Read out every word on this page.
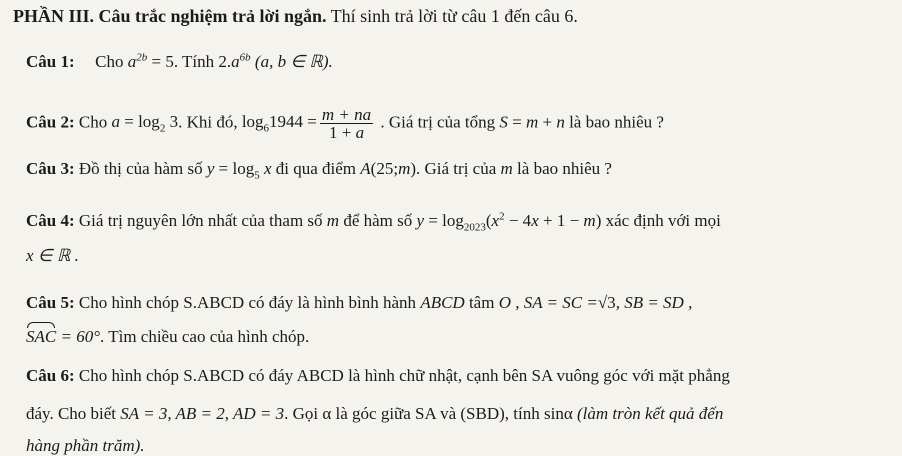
PHẦN III. Câu trắc nghiệm trả lời ngắn. Thí sinh trả lời từ câu 1 đến câu 6.
Câu 1: Cho $a^{2b} = 5$. Tính $2.a^{6b}$ (a, b ∈ ℝ).
Câu 2: Cho $a = \log_2 3$. Khi đó, $\log_61944 = \frac{m + na}{1 + a}$ . Giá trị của tổng S = m + n là bao nhiêu ?
Câu 3: Đồ thị của hàm số $y = \log_5 x$ đi qua điểm A(25;m). Giá trị của m là bao nhiêu ?
Câu 4: Giá trị nguyên lớn nhất của tham số m để hàm số $y = \log_{2023}(x^2 - 4x + 1 - m)$ xác định với mọi
x ∈ ℝ .
Câu 5: Cho hình chóp S.ABCD có đáy là hình bình hành ABCD tâm O , SA = SC =√3, SB = SD ,
SAC = 60°. Tìm chiều cao của hình chóp.
Câu 6: Cho hình chóp S.ABCD có đáy ABCD là hình chữ nhật, cạnh bên SA vuông góc với mặt phẳng
đáy. Cho biết SA = 3, AB = 2, AD = 3. Gọi α là góc giữa SA và (SBD), tính sinα (làm tròn kết quả đến
hàng phần trăm).
